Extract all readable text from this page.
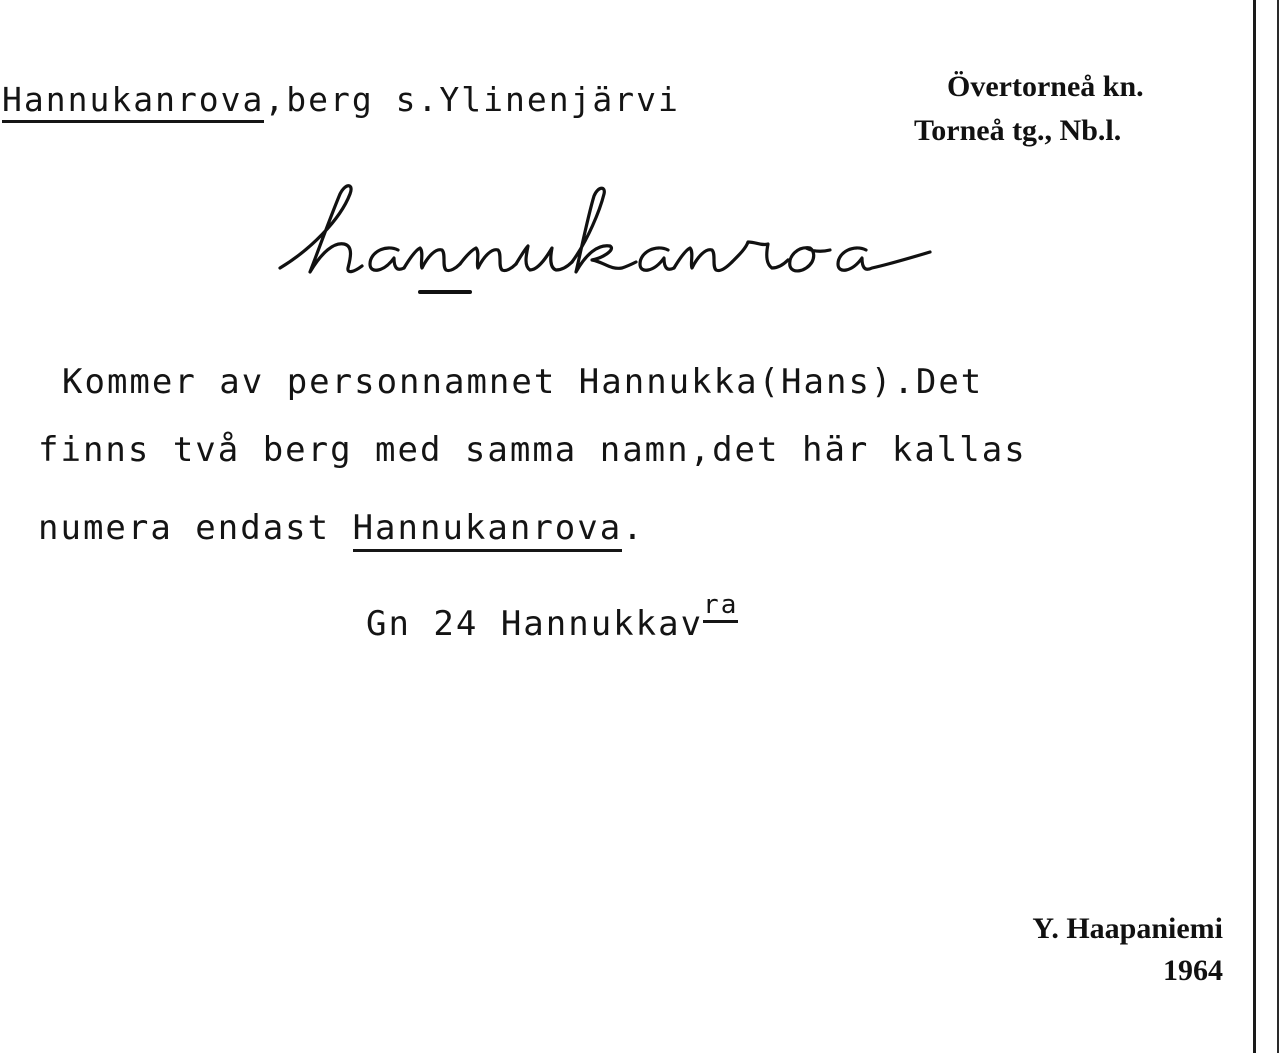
Hannukanrova,berg s.Ylinenjärvi	Övertorneå kn.
Torneå tg., Nb.l.
Kommer av personnamnet Hannukka(Hans).Det
finns två berg med samma namn,det här kallas
numera endast Hannukanrova.
Gn 24 Hannukkav$^{ra}$
Y. Haapaniemi
1964
